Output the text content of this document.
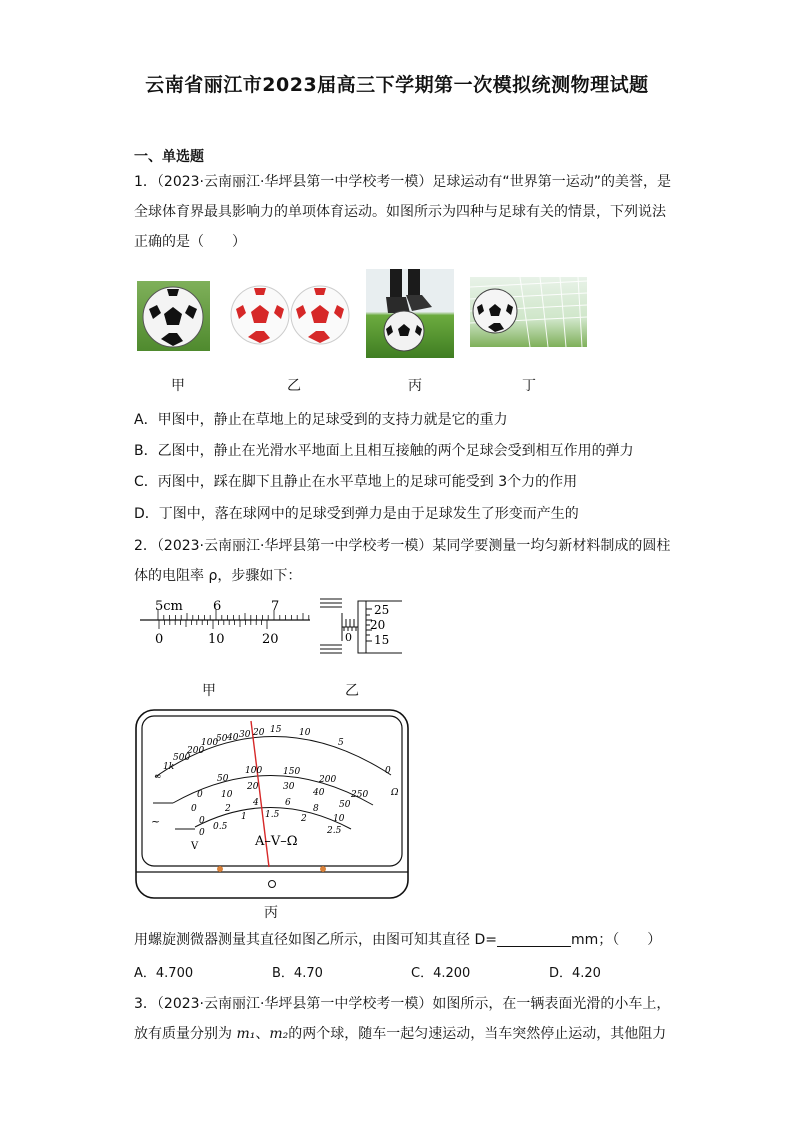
云南省丽江市2023届高三下学期第一次模拟统测物理试题
一、单选题
1．（2023·云南丽江·华坪县第一中学校考一模）足球运动有“世界第一运动”的美誉，是
全球体育界最具影响力的单项体育运动。如图所示为四种与足球有关的情景，下列说法
正确的是（　　）
甲	乙	丙	丁
A．甲图中，静止在草地上的足球受到的支持力就是它的重力
B．乙图中，静止在光滑水平地面上且相互接触的两个足球会受到相互作用的弹力
C．丙图中，踩在脚下且静止在水平草地上的足球可能受到 3个力的作用
D．丁图中，落在球网中的足球受到弹力是由于足球发生了形变而产生的
2．（2023·云南丽江·华坪县第一中学校考一模）某同学要测量一均匀新材料制成的圆柱
体的电阻率 ρ，步骤如下：
5cm 6	7
0	10	20	0
25
20
15
甲	乙
∞
1k
500
200
100
50 40 30 20 15 10
5
0
Ω
0
50
100 150
200
250
0
10
20	30
40
50
0
2
4	6
8
10
0
0.5
1 1.5 2
2.5
~
V	A–V–Ω
丙
用螺旋测微器测量其直径如图乙所示，由图可知其直径 D=	mm；（　　）
A．4.700	B．4.70	C．4.200	D．4.20
3．（2023·云南丽江·华坪县第一中学校考一模）如图所示，在一辆表面光滑的小车上，
放有质量分别为 m₁、m₂的两个球，随车一起匀速运动，当车突然停止运动，其他阻力
